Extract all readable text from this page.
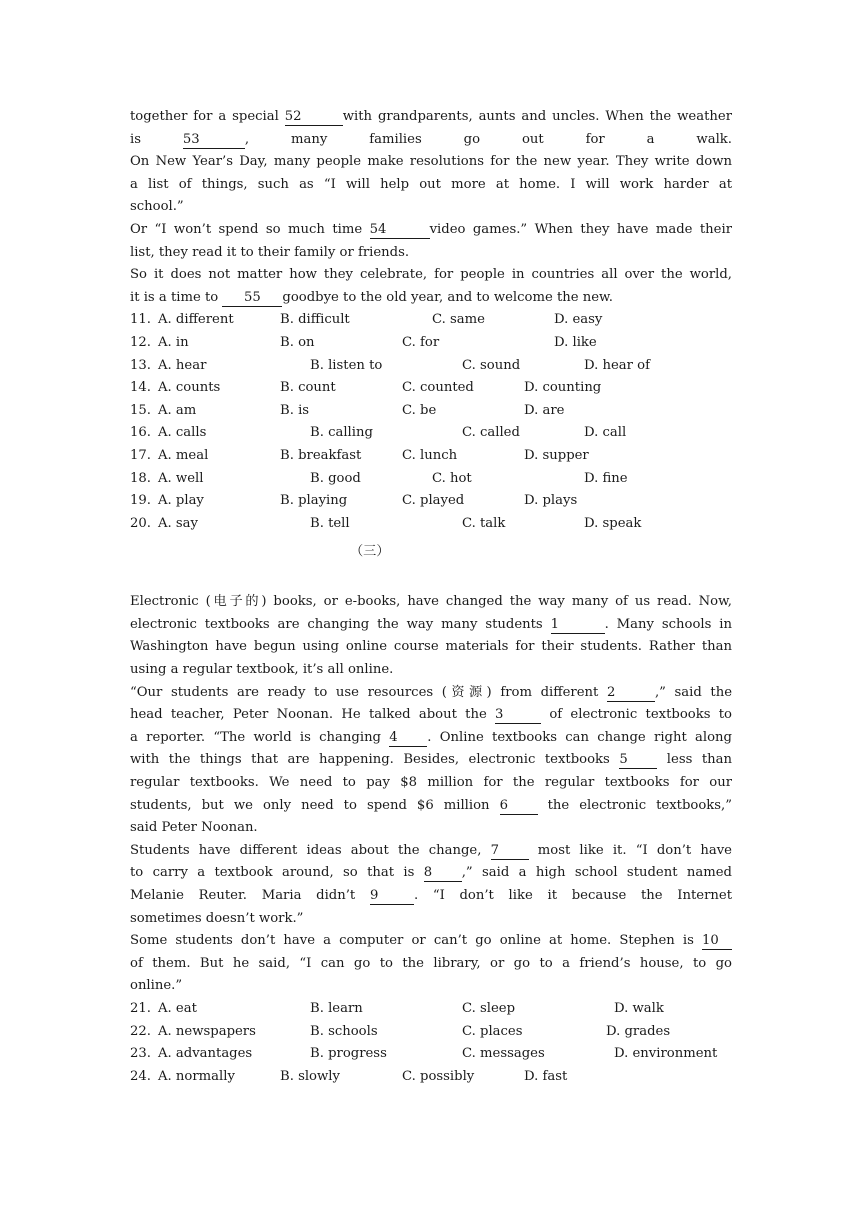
together for a special 52	with grandparents, aunts and uncles. When the weather
is 53	, many families go out for a walk.
On New Year’s Day, many people make resolutions for the new year. They write down
a list of things, such as “I will help out more at home. I will work harder at
school.”
Or “I won’t spend so much time 54	video games.” When they have made their
list, they read it to their family or friends.
So it does not matter how they celebrate, for people in countries all over the world,
it is a time to 55 goodbye to the old year, and to welcome the new.
11. A. different	B. difficult	C. same	D. easy
12. A. in	B. on	C. for	D. like
13. A. hear	B. listen to	C. sound	D. hear of
14. A. counts	B. count	C. counted	D. counting
15. A. am	B. is	C. be	D. are
16. A. calls	B. calling	C. called	D. call
17. A. meal	B. breakfast	C. lunch	D. supper
18. A. well	B. good	C. hot	D. fine
19. A. play	B. playing	C. played	D. plays
20. A. say	B. tell	C. talk	D. speak
（三）
Electronic (电子的) books, or e-books, have changed the way many of us read. Now,
electronic textbooks are changing the way many students 1	. Many schools in
Washington have begun using online course materials for their students. Rather than
using a regular textbook, it’s all online.
“Our students are ready to use resources (资源) from different 2	,” said the
head teacher, Peter Noonan. He talked about the 3	of electronic textbooks to
a reporter. “The world is changing 4 . Online textbooks can change right along
with the things that are happening. Besides, electronic textbooks 5 less than
regular textbooks. We need to pay $8 million for the regular textbooks for our
students, but we only need to spend $6 million 6 the electronic textbooks,”
said Peter Noonan.
Students have different ideas about the change, 7 most like it. “I don’t have
to carry a textbook around, so that is 8 ,” said a high school student named
Melanie Reuter. Maria didn’t 9	. “I don’t like it because the Internet
sometimes doesn’t work.”
Some students don’t have a computer or can’t go online at home. Stephen is 10
of them. But he said, “I can go to the library, or go to a friend’s house, to go
online.”
21. A. eat	B. learn	C. sleep	D. walk
22. A. newspapers	B. schools	C. places	D. grades
23. A. advantages	B. progress	C. messages	D. environment
24. A. normally	B. slowly	C. possibly	D. fast
